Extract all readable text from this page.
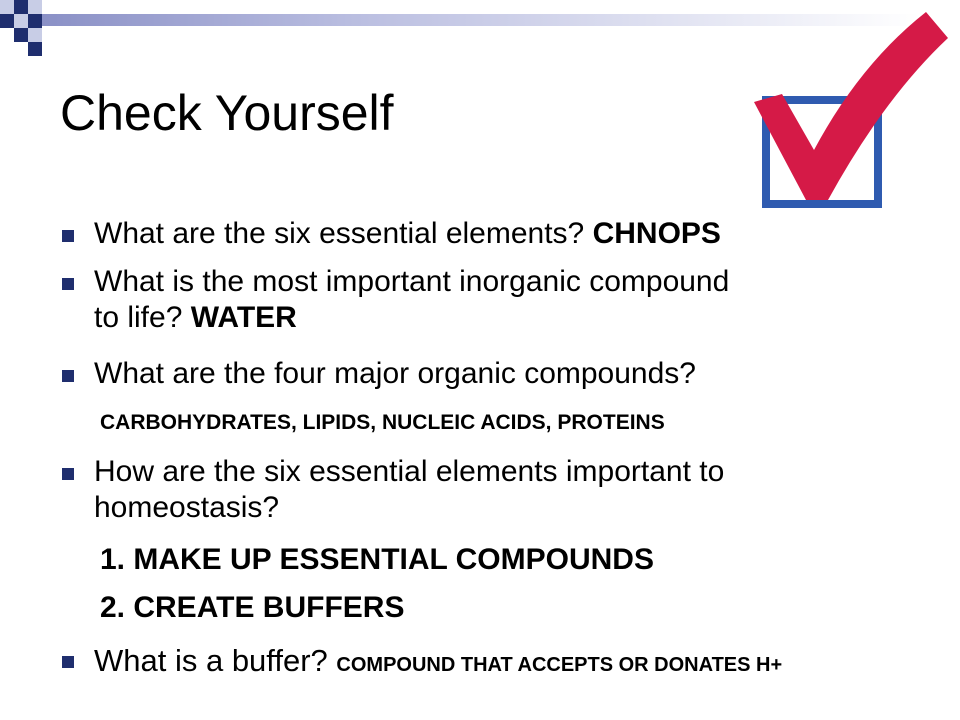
Check Yourself
What are the six essential elements? CHNOPS
What is the most important inorganic compound
to life? WATER
What are the four major organic compounds?
CARBOHYDRATES, LIPIDS, NUCLEIC ACIDS, PROTEINS
How are the six essential elements important to
homeostasis?
1. MAKE UP ESSENTIAL COMPOUNDS
2. CREATE BUFFERS
What is a buffer? COMPOUND THAT ACCEPTS OR DONATES H+
